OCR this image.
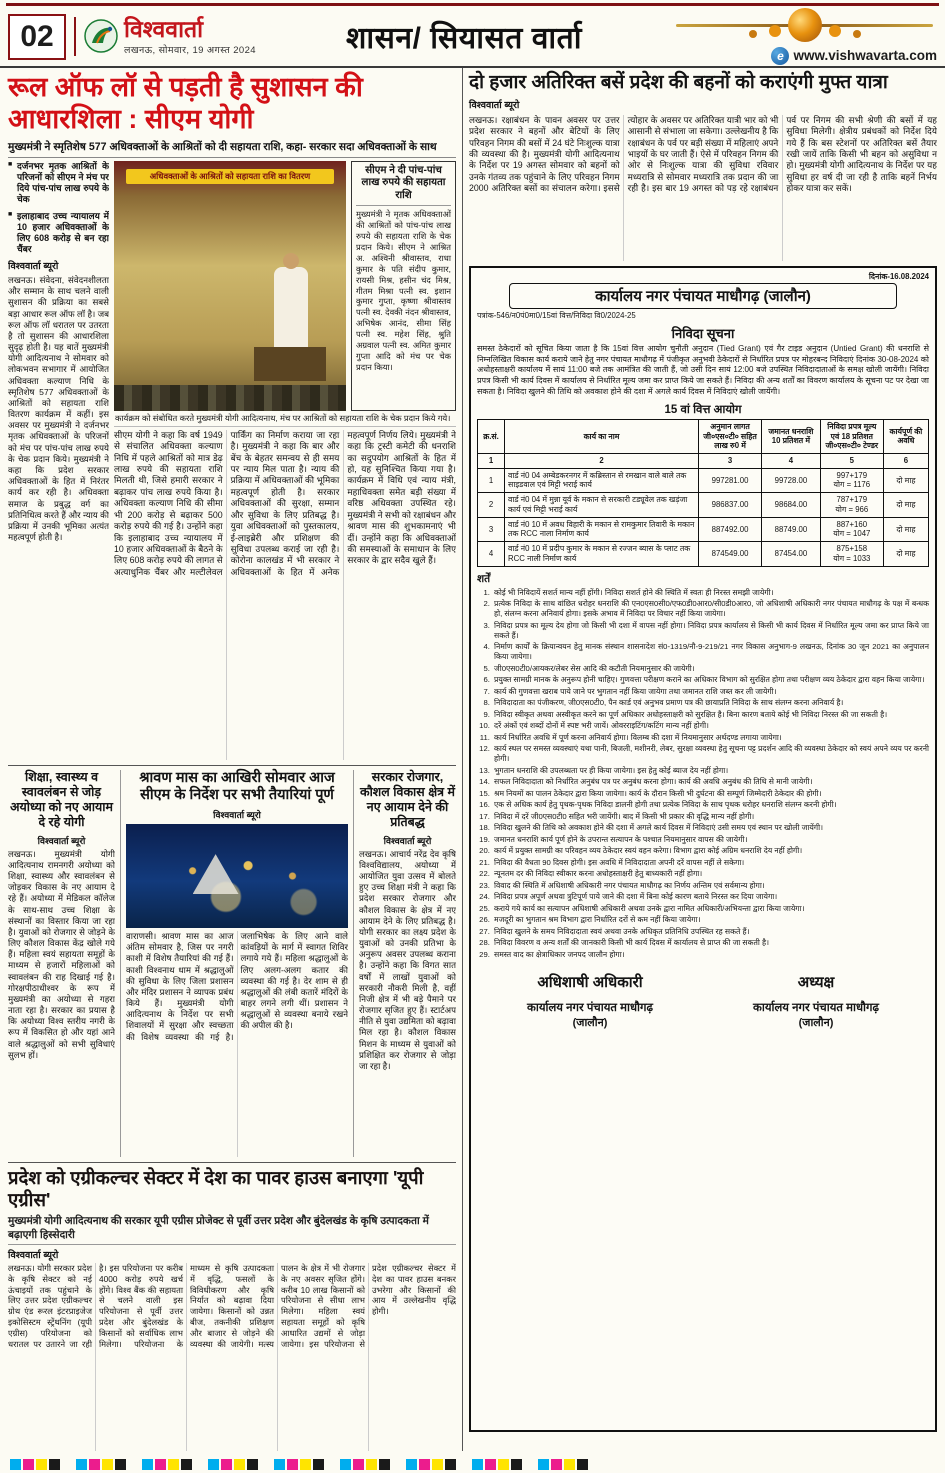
02	विश्ववार्ता
लखनऊ, सोमवार, 19 अगस्त 2024	शासन/ सियासत वार्ता
e www.vishwavarta.com
रूल ऑफ लॉ से पड़ती है सुशासन की आधारशिला : सीएम योगी
मुख्यमंत्री ने स्मृतिशेष 577 अधिवक्ताओं के आश्रितों को दी सहायता राशि, कहा- सरकार सदा अधिवक्ताओं के साथ
■ दर्जनभर मृतक आश्रितों के परिजनों को सीएम ने मंच पर दिये पांच-पांच लाख रुपये के चेक
■ इलाहाबाद उच्च न्यायालय में 10 हजार अधिवक्ताओं के लिए 608 करोड़ से बन रहा चैंबर
विश्ववार्ता ब्यूरो
लखनऊ। संवेदना, संवेदनशीलता और सम्मान के साथ चलने वाली सुशासन की प्रक्रिया का सबसे बड़ा आधार रूल ऑफ लॉ है। जब रूल ऑफ लॉ धरातल पर उतरता है तो सुशासन की आधारशिला सुदृढ़ होती है। यह बातें मुख्यमंत्री योगी आदित्यनाथ ने सोमवार को लोकभवन सभागार में आयोजित अधिवक्ता कल्याण निधि के स्मृतिशेष 577 अधिवक्ताओं के आश्रितों को सहायता राशि वितरण कार्यक्रम में कहीं। इस अवसर पर मुख्यमंत्री ने दर्जनभर मृतक अधिवक्ताओं के परिजनों को मंच पर पांच-पांच लाख रुपये के चेक प्रदान किये। मुख्यमंत्री ने कहा कि प्रदेश सरकार अधिवक्ताओं के हित में निरंतर कार्य कर रही है। अधिवक्ता समाज के प्रबुद्ध वर्ग का प्रतिनिधित्व करते हैं और न्याय की प्रक्रिया में उनकी भूमिका अत्यंत महत्वपूर्ण होती है।
अधिवक्ताओं के आश्रितों को सहायता राशि का वितरण	सीएम ने दी पांच-पांच लाख रुपये की सहायता राशि
मुख्यमंत्री ने मृतक अधिवक्ताओं की आश्रितों को पांच-पांच लाख रुपये की सहायता राशि के चेक प्रदान किये। सीएम ने आश्रित अ. अश्विनी श्रीवास्तव, राधा कुमार के पति संदीप कुमार, रायसी मिश्र, हसीन चंद मिश्र, गीतम मिश्रा पत्नी स्व. इशान कुमार गुप्ता, कृष्णा श्रीवास्तव पत्नी स्व. देवकी नंदन श्रीवास्तव, अभिषेक आनंद, सीमा सिंह पत्नी स्व. महेश सिंह, श्रुति अग्रवाल पत्नी स्व. अमित कुमार गुप्ता आदि को मंच पर चेक प्रदान किया।
कार्यक्रम को संबोधित करते मुख्यमंत्री योगी आदित्यनाथ, मंच पर आश्रितों को सहायता राशि के चेक प्रदान किये गये।
सीएम योगी ने कहा कि वर्ष 1949 से संचालित अधिवक्ता कल्याण निधि में पहले आश्रितों को मात्र डेढ़ लाख रुपये की सहायता राशि मिलती थी, जिसे हमारी सरकार ने बढ़ाकर पांच लाख रुपये किया है। अधिवक्ता कल्याण निधि की सीमा भी 200 करोड़ से बढ़ाकर 500 करोड़ रुपये की गई है। उन्होंने कहा कि इलाहाबाद उच्च न्यायालय में 10 हजार अधिवक्ताओं के बैठने के लिए 608 करोड़ रुपये की लागत से अत्याधुनिक चैंबर और मल्टीलेवल पार्किंग का निर्माण कराया जा रहा है। मुख्यमंत्री ने कहा कि बार और बेंच के बेहतर समन्वय से ही समय पर न्याय मिल पाता है। न्याय की प्रक्रिया में अधिवक्ताओं की भूमिका महत्वपूर्ण होती है। सरकार अधिवक्ताओं की सुरक्षा, सम्मान और सुविधा के लिए प्रतिबद्ध है। युवा अधिवक्ताओं को पुस्तकालय, ई-लाइब्रेरी और प्रशिक्षण की सुविधा उपलब्ध कराई जा रही है। कोरोना कालखंड में भी सरकार ने अधिवक्ताओं के हित में अनेक महत्वपूर्ण निर्णय लिये। मुख्यमंत्री ने कहा कि ट्रस्टी कमेटी की धनराशि का सदुपयोग आश्रितों के हित में हो, यह सुनिश्चित किया गया है। कार्यक्रम में विधि एवं न्याय मंत्री, महाधिवक्ता समेत बड़ी संख्या में वरिष्ठ अधिवक्ता उपस्थित रहे। मुख्यमंत्री ने सभी को रक्षाबंधन और श्रावण मास की शुभकामनाएं भी दीं। उन्होंने कहा कि अधिवक्ताओं की समस्याओं के समाधान के लिए सरकार के द्वार सदैव खुले हैं।
शिक्षा, स्वास्थ्य व स्वावलंबन से जोड़ अयोध्या को नए आयाम दे रहे योगी
विश्ववार्ता ब्यूरो
लखनऊ। मुख्यमंत्री योगी आदित्यनाथ रामनगरी अयोध्या को शिक्षा, स्वास्थ्य और स्वावलंबन से जोड़कर विकास के नए आयाम दे रहे हैं। अयोध्या में मेडिकल कॉलेज के साथ-साथ उच्च शिक्षा के संस्थानों का विस्तार किया जा रहा है। युवाओं को रोजगार से जोड़ने के लिए कौशल विकास केंद्र खोले गये हैं। महिला स्वयं सहायता समूहों के माध्यम से हजारों महिलाओं को स्वावलंबन की राह दिखाई गई है। गोरक्षपीठाधीश्वर के रूप में मुख्यमंत्री का अयोध्या से गहरा नाता रहा है। सरकार का प्रयास है कि अयोध्या विश्व स्तरीय नगरी के रूप में विकसित हो और यहां आने वाले श्रद्धालुओं को सभी सुविधाएं सुलभ हों।
श्रावण मास का आखिरी सोमवार आज सीएम के निर्देश पर सभी तैयारियां पूर्ण
विश्ववार्ता ब्यूरो
वाराणसी। श्रावण मास का आज अंतिम सोमवार है, जिस पर नगरी काशी में विशेष तैयारियां की गई हैं। काशी विश्वनाथ धाम में श्रद्धालुओं की सुविधा के लिए जिला प्रशासन और मंदिर प्रशासन ने व्यापक प्रबंध किये हैं। मुख्यमंत्री योगी आदित्यनाथ के निर्देश पर सभी शिवालयों में सुरक्षा और स्वच्छता की विशेष व्यवस्था की गई है। जलाभिषेक के लिए आने वाले कांवड़ियों के मार्ग में स्वागत शिविर लगाये गये हैं। महिला श्रद्धालुओं के लिए अलग-अलग कतार की व्यवस्था की गई है। देर शाम से ही श्रद्धालुओं की लंबी कतारें मंदिरों के बाहर लगने लगी थीं। प्रशासन ने श्रद्धालुओं से व्यवस्था बनाये रखने की अपील की है।
सरकार रोजगार, कौशल विकास क्षेत्र में नए आयाम देने की प्रतिबद्ध
विश्ववार्ता ब्यूरो
लखनऊ। आचार्य नरेंद्र देव कृषि विश्वविद्यालय, अयोध्या में आयोजित युवा उत्सव में बोलते हुए उच्च शिक्षा मंत्री ने कहा कि प्रदेश सरकार रोजगार और कौशल विकास के क्षेत्र में नए आयाम देने के लिए प्रतिबद्ध है। योगी सरकार का लक्ष्य प्रदेश के युवाओं को उनकी प्रतिभा के अनुरूप अवसर उपलब्ध कराना है। उन्होंने कहा कि विगत सात वर्षों में लाखों युवाओं को सरकारी नौकरी मिली है, वहीं निजी क्षेत्र में भी बड़े पैमाने पर रोजगार सृजित हुए हैं। स्टार्टअप नीति से युवा उद्यमिता को बढ़ावा मिल रहा है। कौशल विकास मिशन के माध्यम से युवाओं को प्रशिक्षित कर रोजगार से जोड़ा जा रहा है।
प्रदेश को एग्रीकल्चर सेक्टर में देश का पावर हाउस बनाएगा 'यूपी एग्रीस'
मुख्यमंत्री योगी आदित्यनाथ की सरकार यूपी एग्रीस प्रोजेक्ट से पूर्वी उत्तर प्रदेश और बुंदेलखंड के कृषि उत्पादकता में बढ़ाएगी हिस्सेदारी
विश्ववार्ता ब्यूरो
लखनऊ। योगी सरकार प्रदेश के कृषि सेक्टर को नई ऊंचाइयों तक पहुंचाने के लिए उत्तर प्रदेश एग्रीकल्चर ग्रोथ एंड रूरल इंटरप्राइजेज इकोसिस्टम स्ट्रेंथनिंग (यूपी एग्रीस) परियोजना को धरातल पर उतारने जा रही है। इस परियोजना पर करीब 4000 करोड़ रुपये खर्च होंगे। विश्व बैंक की सहायता से चलने वाली इस परियोजना से पूर्वी उत्तर प्रदेश और बुंदेलखंड के किसानों को सर्वाधिक लाभ मिलेगा। परियोजना के माध्यम से कृषि उत्पादकता में वृद्धि, फसलों के विविधीकरण और कृषि निर्यात को बढ़ावा दिया जायेगा। किसानों को उन्नत बीज, तकनीकी प्रशिक्षण और बाजार से जोड़ने की व्यवस्था की जायेगी। मत्स्य पालन के क्षेत्र में भी रोजगार के नए अवसर सृजित होंगे। करीब 10 लाख किसानों को परियोजना से सीधा लाभ मिलेगा। महिला स्वयं सहायता समूहों को कृषि आधारित उद्यमों से जोड़ा जायेगा। इस परियोजना से प्रदेश एग्रीकल्चर सेक्टर में देश का पावर हाउस बनकर उभरेगा और किसानों की आय में उल्लेखनीय वृद्धि होगी।
दो हजार अतिरिक्त बसें प्रदेश की बहनों को कराएंगी मुफ्त यात्रा
विश्ववार्ता ब्यूरो
लखनऊ। रक्षाबंधन के पावन अवसर पर उत्तर प्रदेश सरकार ने बहनों और बेटियों के लिए परिवहन निगम की बसों में 24 घंटे निःशुल्क यात्रा की व्यवस्था की है। मुख्यमंत्री योगी आदित्यनाथ के निर्देश पर 19 अगस्त सोमवार को बहनों को उनके गंतव्य तक पहुंचाने के लिए परिवहन निगम 2000 अतिरिक्त बसों का संचालन करेगा। इससे त्योहार के अवसर पर अतिरिक्त यात्री भार को भी आसानी से संभाला जा सकेगा। उल्लेखनीय है कि रक्षाबंधन के पर्व पर बड़ी संख्या में महिलाएं अपने भाइयों के घर जाती हैं। ऐसे में परिवहन निगम की ओर से निःशुल्क यात्रा की सुविधा रविवार मध्यरात्रि से सोमवार मध्यरात्रि तक प्रदान की जा रही है। इस बार 19 अगस्त को पड़ रहे रक्षाबंधन पर्व पर निगम की सभी श्रेणी की बसों में यह सुविधा मिलेगी। क्षेत्रीय प्रबंधकों को निर्देश दिये गये हैं कि बस स्टेशनों पर अतिरिक्त बसें तैयार रखी जायें ताकि किसी भी बहन को असुविधा न हो। मुख्यमंत्री योगी आदित्यनाथ के निर्देश पर यह सुविधा हर वर्ष दी जा रही है ताकि बहनें निर्भय होकर यात्रा कर सकें।
दिनांक-16.08.2024
कार्यालय नगर पंचायत माधौगढ़ (जालौन)
पत्रांक-546/न0पं0मा0/15वां वित्त/निविदा वि0/2024-25
निविदा सूचना
समस्त ठेकेदारों को सूचित किया जाता है कि 15वां वित्त आयोग चुनौती अनुदान (Tied Grant) एवं गैर टाइड अनुदान (Untied Grant) की धनराशि से निम्नलिखित विकास कार्य कराये जाने हेतु नगर पंचायत माधौगढ़ में पंजीकृत अनुभवी ठेकेदारों से निर्धारित प्रपत्र पर मोहरबन्द निविदाएं दिनांक 30-08-2024 को अधोहस्ताक्षरी कार्यालय में सायं 11:00 बजे तक आमंत्रित की जाती हैं, जो उसी दिन सायं 12:00 बजे उपस्थित निविदादाताओं के समक्ष खोली जायेंगी। निविदा प्रपत्र किसी भी कार्य दिवस में कार्यालय से निर्धारित मूल्य जमा कर प्राप्त किये जा सकते हैं। निविदा की अन्य शर्तों का विवरण कार्यालय के सूचना पट पर देखा जा सकता है। निविदा खुलने की तिथि को अवकाश होने की दशा में अगले कार्य दिवस में निविदाएं खोली जायेंगी।
15 वां वित्त आयोग
क्र.सं.	कार्य का नाम	अनुमान लागत जी०एस०टी० सहित लाख रु0 में	जमानत धनराशि 10 प्रतिशत में	निविदा प्रपत्र मूल्य एवं 18 प्रतिशत जी०एस०टी० टेण्डर	कार्यपूर्ण की अवधि
1	2	3	4	5	6
1	वार्ड नं0 04 अम्बेडकरनगर में कब्रिस्तान से रमखान वाले बाले तक साइडवाल एवं मिट्टी भराई कार्य	997281.00	99728.00	997+179
योग = 1176	दो माह
2	वार्ड नं0 04 में मुन्ना यूर्व के मकान से सरकारी टड्यूवेल तक खड़ंजा कार्य एवं मिट्टी भराई कार्य	986837.00	98684.00	787+179
योग = 966	दो माह
3	वार्ड नं0 10 में अवध विहारी के मकान से रामकुमार तिवारी के मकान तक RCC नाला निर्माण कार्य	887492.00	88749.00	887+160
योग = 1047	दो माह
4	वार्ड नं0 10 में प्रदीप कुमार के मकान से रज्जन ब्यास के प्लाट तक RCC नाली निर्माण कार्य	874549.00	87454.00	875+158
योग = 1033	दो माह
शर्तें
1. कोई भी निविदायें सशर्त मान्य नहीं होंगी। निविदा सशर्त होने की स्थिति में स्वतः ही निरस्त समझी जायेगी।
2. प्रत्येक निविदा के साथ वांछित धरोहर धनराशि की एन0एस0सी0/एफ0डी0आर0/सी0डी0आर0, जो अधिशाषी अधिकारी नगर पंचायत माधौगढ़ के पक्ष में बन्धक हो, संलग्न करना अनिवार्य होगा। इसके अभाव में निविदा पर विचार नहीं किया जायेगा।
3. निविदा प्रपत्र का मूल्य देय होगा जो किसी भी दशा में वापस नहीं होगा। निविदा प्रपत्र कार्यालय से किसी भी कार्य दिवस में निर्धारित मूल्य जमा कर प्राप्त किये जा सकते हैं।
4. निर्माण कार्यों के क्रियान्वयन हेतु मानक संस्थान शासनादेश सं0-1319/नौ-9-219/21 नगर विकास अनुभाग-9 लखनऊ, दिनांक 30 जून 2021 का अनुपालन किया जायेगा।
5. जी0एस0टी0/आयकर/लेबर सेस आदि की कटौती नियमानुसार की जायेगी।
6. प्रयुक्त सामग्री मानक के अनुरूप होनी चाहिए। गुणवत्ता परीक्षण कराने का अधिकार विभाग को सुरक्षित होगा तथा परीक्षण व्यय ठेकेदार द्वारा वहन किया जायेगा।
7. कार्य की गुणवत्ता खराब पाये जाने पर भुगतान नहीं किया जायेगा तथा जमानत राशि जब्त कर ली जायेगी।
8. निविदादाता का पंजीकरण, जी0एस0टी0, पैन कार्ड एवं अनुभव प्रमाण पत्र की छायाप्रति निविदा के साथ संलग्न करना अनिवार्य है।
9. निविदा स्वीकृत अथवा अस्वीकृत करने का पूर्ण अधिकार अधोहस्ताक्षरी को सुरक्षित है। बिना कारण बताये कोई भी निविदा निरस्त की जा सकती है।
10. दरें अंकों एवं शब्दों दोनों में स्पष्ट भरी जायें। ओवरराइटिंग/कटिंग मान्य नहीं होगी।
11. कार्य निर्धारित अवधि में पूर्ण करना अनिवार्य होगा। विलम्ब की दशा में नियमानुसार अर्थदण्ड लगाया जायेगा।
12. कार्य स्थल पर समस्त व्यवस्थाएं यथा पानी, बिजली, मशीनरी, लेबर, सुरक्षा व्यवस्था हेतु सूचना पट्ट प्रदर्शन आदि की व्यवस्था ठेकेदार को स्वयं अपने व्यय पर करनी होगी।
13. भुगतान धनराशि की उपलब्धता पर ही किया जायेगा। इस हेतु कोई ब्याज देय नहीं होगा।
14. सफल निविदादाता को निर्धारित अनुबंध पत्र पर अनुबंध करना होगा। कार्य की अवधि अनुबंध की तिथि से मानी जायेगी।
15. श्रम नियमों का पालन ठेकेदार द्वारा किया जायेगा। कार्य के दौरान किसी भी दुर्घटना की सम्पूर्ण जिम्मेदारी ठेकेदार की होगी।
16. एक से अधिक कार्य हेतु पृथक-पृथक निविदा डालनी होगी तथा प्रत्येक निविदा के साथ पृथक धरोहर धनराशि संलग्न करनी होगी।
17. निविदा में दरें जी0एस0टी0 सहित भरी जायेंगी। बाद में किसी भी प्रकार की वृद्धि मान्य नहीं होगी।
18. निविदा खुलने की तिथि को अवकाश होने की दशा में अगले कार्य दिवस में निविदाएं उसी समय एवं स्थान पर खोली जायेंगी।
19. जमानत धनराशि कार्य पूर्ण होने के उपरान्त सत्यापन के पश्चात नियमानुसार वापस की जायेगी।
20. कार्य में प्रयुक्त सामग्री का परिवहन व्यय ठेकेदार स्वयं वहन करेगा। विभाग द्वारा कोई अग्रिम धनराशि देय नहीं होगी।
21. निविदा की वैधता 90 दिवस होगी। इस अवधि में निविदादाता अपनी दरें वापस नहीं ले सकेगा।
22. न्यूनतम दर की निविदा स्वीकार करना अधोहस्ताक्षरी हेतु बाध्यकारी नहीं होगा।
23. विवाद की स्थिति में अधिशाषी अधिकारी नगर पंचायत माधौगढ़ का निर्णय अन्तिम एवं सर्वमान्य होगा।
24. निविदा प्रपत्र अपूर्ण अथवा त्रुटिपूर्ण पाये जाने की दशा में बिना कोई कारण बताये निरस्त कर दिया जायेगा।
25. कराये गये कार्य का सत्यापन अधिशाषी अधिकारी अथवा उनके द्वारा नामित अधिकारी/अभियन्ता द्वारा किया जायेगा।
26. मजदूरी का भुगतान श्रम विभाग द्वारा निर्धारित दरों से कम नहीं किया जायेगा।
27. निविदा खुलने के समय निविदादाता स्वयं अथवा उनके अधिकृत प्रतिनिधि उपस्थित रह सकते हैं।
28. निविदा विवरण व अन्य शर्तों की जानकारी किसी भी कार्य दिवस में कार्यालय से प्राप्त की जा सकती है।
29. समस्त वाद का क्षेत्राधिकार जनपद जालौन होगा।
अधिशाषी अधिकारी
कार्यालय नगर पंचायत माधौगढ़
(जालौन)
अध्यक्ष
कार्यालय नगर पंचायत माधौगढ़
(जालौन)
